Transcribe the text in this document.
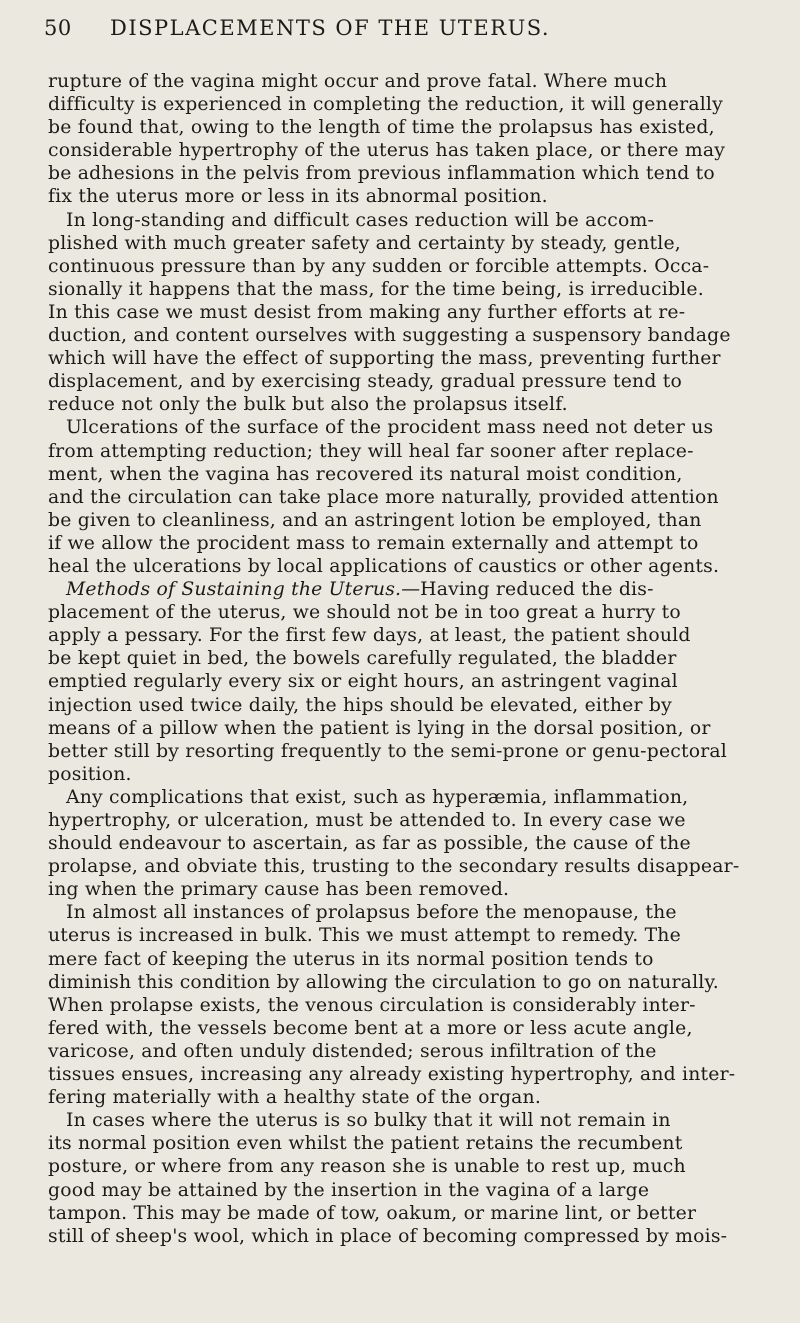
50 DISPLACEMENTS OF THE UTERUS.
rupture of the vagina might occur and prove fatal. Where much
difficulty is experienced in completing the reduction, it will generally
be found that, owing to the length of time the prolapsus has existed,
considerable hypertrophy of the uterus has taken place, or there may
be adhesions in the pelvis from previous inflammation which tend to
fix the uterus more or less in its abnormal position.
In long-standing and difficult cases reduction will be accom-
plished with much greater safety and certainty by steady, gentle,
continuous pressure than by any sudden or forcible attempts. Occa-
sionally it happens that the mass, for the time being, is irreducible.
In this case we must desist from making any further efforts at re-
duction, and content ourselves with suggesting a suspensory bandage
which will have the effect of supporting the mass, preventing further
displacement, and by exercising steady, gradual pressure tend to
reduce not only the bulk but also the prolapsus itself.
Ulcerations of the surface of the procident mass need not deter us
from attempting reduction; they will heal far sooner after replace-
ment, when the vagina has recovered its natural moist condition,
and the circulation can take place more naturally, provided attention
be given to cleanliness, and an astringent lotion be employed, than
if we allow the procident mass to remain externally and attempt to
heal the ulcerations by local applications of caustics or other agents.
Methods of Sustaining the Uterus.—Having reduced the dis-
placement of the uterus, we should not be in too great a hurry to
apply a pessary. For the first few days, at least, the patient should
be kept quiet in bed, the bowels carefully regulated, the bladder
emptied regularly every six or eight hours, an astringent vaginal
injection used twice daily, the hips should be elevated, either by
means of a pillow when the patient is lying in the dorsal position, or
better still by resorting frequently to the semi-prone or genu-pectoral
position.
Any complications that exist, such as hyperæmia, inflammation,
hypertrophy, or ulceration, must be attended to. In every case we
should endeavour to ascertain, as far as possible, the cause of the
prolapse, and obviate this, trusting to the secondary results disappear-
ing when the primary cause has been removed.
In almost all instances of prolapsus before the menopause, the
uterus is increased in bulk. This we must attempt to remedy. The
mere fact of keeping the uterus in its normal position tends to
diminish this condition by allowing the circulation to go on naturally.
When prolapse exists, the venous circulation is considerably inter-
fered with, the vessels become bent at a more or less acute angle,
varicose, and often unduly distended; serous infiltration of the
tissues ensues, increasing any already existing hypertrophy, and inter-
fering materially with a healthy state of the organ.
In cases where the uterus is so bulky that it will not remain in
its normal position even whilst the patient retains the recumbent
posture, or where from any reason she is unable to rest up, much
good may be attained by the insertion in the vagina of a large
tampon. This may be made of tow, oakum, or marine lint, or better
still of sheep's wool, which in place of becoming compressed by mois-
